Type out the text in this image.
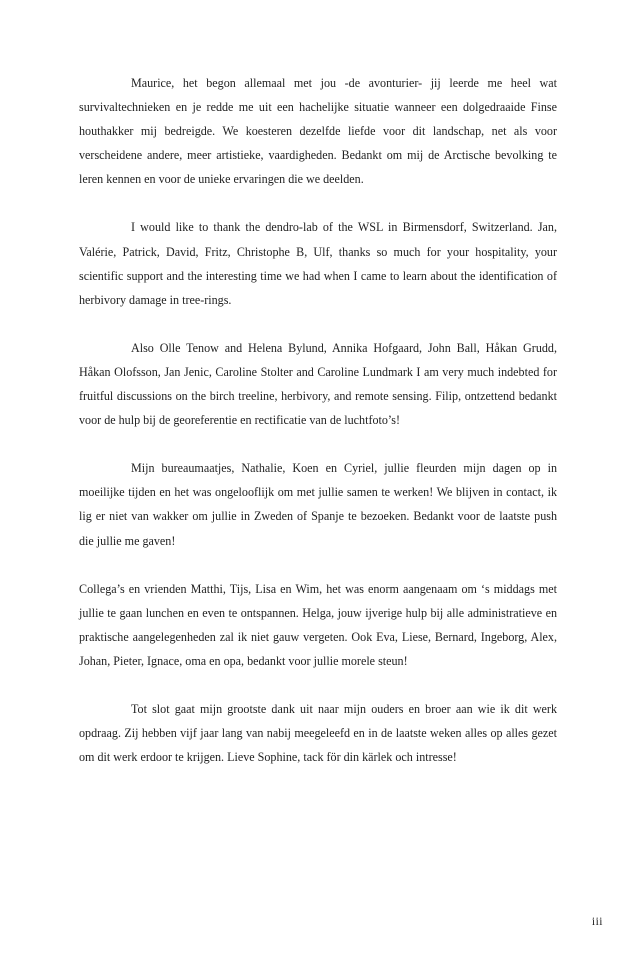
Maurice, het begon allemaal met jou -de avonturier- jij leerde me heel wat survivaltechnieken en je redde me uit een hachelijke situatie wanneer een dolgedraaide Finse houthakker mij bedreigde. We koesteren dezelfde liefde voor dit landschap, net als voor verscheidene andere, meer artistieke, vaardigheden. Bedankt om mij de Arctische bevolking te leren kennen en voor de unieke ervaringen die we deelden.

I would like to thank the dendro-lab of the WSL in Birmensdorf, Switzerland. Jan, Valérie, Patrick, David, Fritz, Christophe B, Ulf, thanks so much for your hospitality, your scientific support and the interesting time we had when I came to learn about the identification of herbivory damage in tree-rings.

Also Olle Tenow and Helena Bylund, Annika Hofgaard, John Ball, Håkan Grudd, Håkan Olofsson, Jan Jenic, Caroline Stolter and Caroline Lundmark I am very much indebted for fruitful discussions on the birch treeline, herbivory, and remote sensing. Filip, ontzettend bedankt voor de hulp bij de georeferentie en rectificatie van de luchtfoto’s!

Mijn bureaumaatjes, Nathalie, Koen en Cyriel, jullie fleurden mijn dagen op in moeilijke tijden en het was ongelooflijk om met jullie samen te werken! We blijven in contact, ik lig er niet van wakker om jullie in Zweden of Spanje te bezoeken. Bedankt voor de laatste push die jullie me gaven!

Collega’s en vrienden Matthi, Tijs, Lisa en Wim, het was enorm aangenaam om ‘s middags met jullie te gaan lunchen en even te ontspannen. Helga, jouw ijverige hulp bij alle administratieve en praktische aangelegenheden zal ik niet gauw vergeten. Ook Eva, Liese, Bernard, Ingeborg, Alex, Johan, Pieter, Ignace, oma en opa, bedankt voor jullie morele steun!

Tot slot gaat mijn grootste dank uit naar mijn ouders en broer aan wie ik dit werk opdraag. Zij hebben vijf jaar lang van nabij meegeleefd en in de laatste weken alles op alles gezet om dit werk erdoor te krijgen. Lieve Sophine, tack för din kärlek och intresse!

iii
